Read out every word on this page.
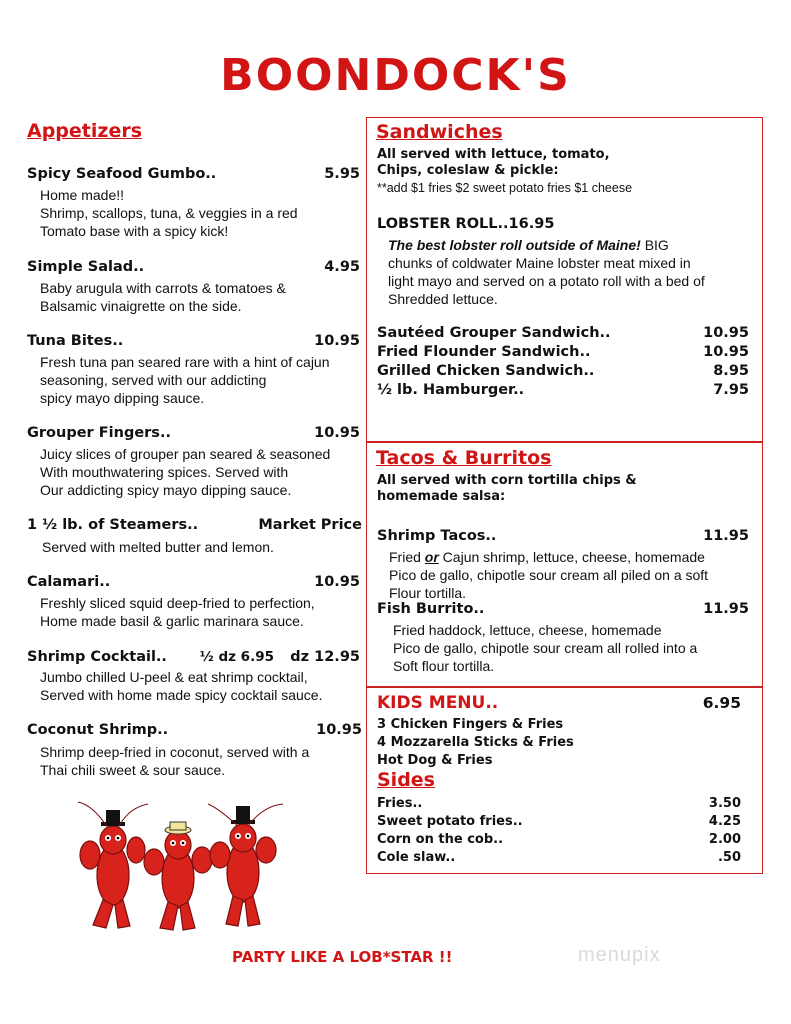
BOONDOCK'S
Appetizers
Spicy Seafood Gumbo..	5.95
Home made!!
Shrimp, scallops, tuna, & veggies in a red
Tomato base with a spicy kick!
Simple Salad..	4.95
Baby arugula with carrots & tomatoes &
Balsamic vinaigrette on the side.
Tuna Bites..	10.95
Fresh tuna pan seared rare with a hint of cajun
seasoning, served with our addicting
spicy mayo dipping sauce.
Grouper Fingers..	10.95
Juicy slices of grouper pan seared & seasoned
With mouthwatering spices. Served with
Our addicting spicy mayo dipping sauce.
1 ½ lb. of Steamers..	Market Price
Served with melted butter and lemon.
Calamari..	10.95
Freshly sliced squid deep-fried to perfection,
Home made basil & garlic marinara sauce.
Shrimp Cocktail.. ½ dz 6.95	dz 12.95
Jumbo chilled U-peel & eat shrimp cocktail,
Served with home made spicy cocktail sauce.
Coconut Shrimp..	10.95
Shrimp deep-fried in coconut, served with a
Thai chili sweet & sour sauce.
Sandwiches
All served with lettuce, tomato,
Chips, coleslaw & pickle:
**add $1 fries $2 sweet potato fries $1 cheese
LOBSTER ROLL..16.95
The best lobster roll outside of Maine! BIG
chunks of coldwater Maine lobster meat mixed in
light mayo and served on a potato roll with a bed of
Shredded lettuce.
Sautéed Grouper Sandwich..	10.95
Fried Flounder Sandwich..	10.95
Grilled Chicken Sandwich..	8.95
½ lb. Hamburger..	7.95
Tacos & Burritos
All served with corn tortilla chips &
homemade salsa:
Shrimp Tacos..	11.95
Fried or Cajun shrimp, lettuce, cheese, homemade
Pico de gallo, chipotle sour cream all piled on a soft
Flour tortilla.
Fish Burrito..	11.95
Fried haddock, lettuce, cheese, homemade
Pico de gallo, chipotle sour cream all rolled into a
Soft flour tortilla.
KIDS MENU..	6.95
3 Chicken Fingers & Fries
4 Mozzarella Sticks & Fries
Hot Dog & Fries
Sides
Fries..	3.50
Sweet potato fries..	4.25
Corn on the cob..	2.00
Cole slaw..	.50
PARTY LIKE A LOB*STAR !!	menupix
